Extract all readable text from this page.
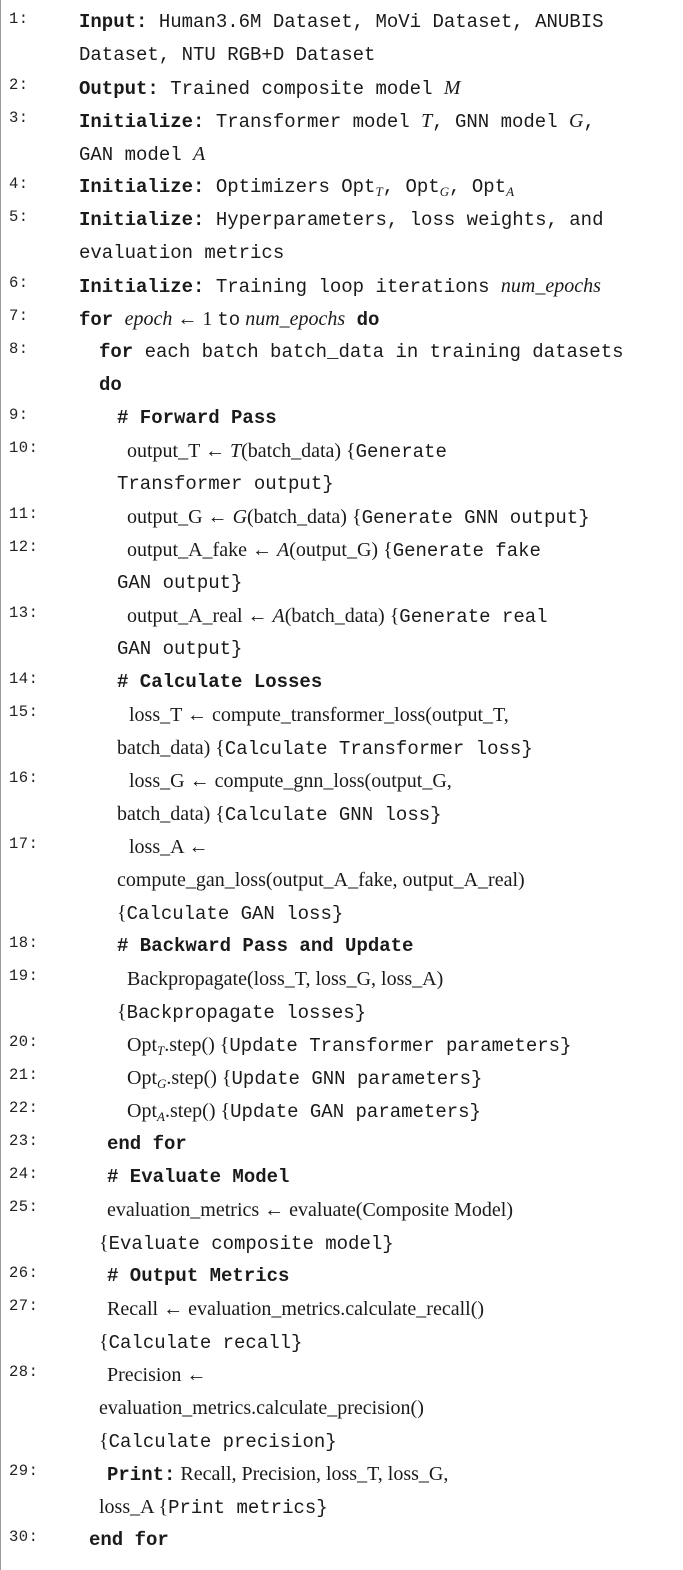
1:	Input: Human3.6M Dataset, MoVi Dataset, ANUBIS
Dataset, NTU RGB+D Dataset
2:	Output: Trained composite model M
3:	Initialize: Transformer model T, GNN model G,
GAN model A
4:	Initialize: Optimizers Opt$_T$, Opt$_G$, Opt$_A$
5:	Initialize: Hyperparameters, loss weights, and
evaluation metrics
6:	Initialize: Training loop iterations num_epochs
7:	for epoch ← 1 to num_epochs do
8:	for each batch batch_data in training datasets
do
9:	# Forward Pass
10:	output_T ← T(batch_data) {Generate
Transformer output}
11:	output_G ← G(batch_data) {Generate GNN output}
12:	output_A_fake ← A(output_G) {Generate fake
GAN output}
13:	output_A_real ← A(batch_data) {Generate real
GAN output}
14:	# Calculate Losses
15:	loss_T ← compute_transformer_loss(output_T,
batch_data) {Calculate Transformer loss}
16:	loss_G ← compute_gnn_loss(output_G,
batch_data) {Calculate GNN loss}
17:	loss_A ←
compute_gan_loss(output_A_fake, output_A_real)
{Calculate GAN loss}
18:	# Backward Pass and Update
19:	Backpropagate(loss_T, loss_G, loss_A)
{Backpropagate losses}
20:	Opt$_T$.step() {Update Transformer parameters}
21:	Opt$_G$.step() {Update GNN parameters}
22:	Opt$_A$.step() {Update GAN parameters}
23:	end for
24:	# Evaluate Model
25:	evaluation_metrics ← evaluate(Composite Model)
{Evaluate composite model}
26:	# Output Metrics
27:	Recall ← evaluation_metrics.calculate_recall()
{Calculate recall}
28:	Precision ←
evaluation_metrics.calculate_precision()
{Calculate precision}
29:	Print: Recall, Precision, loss_T, loss_G,
loss_A {Print metrics}
30:	end for
